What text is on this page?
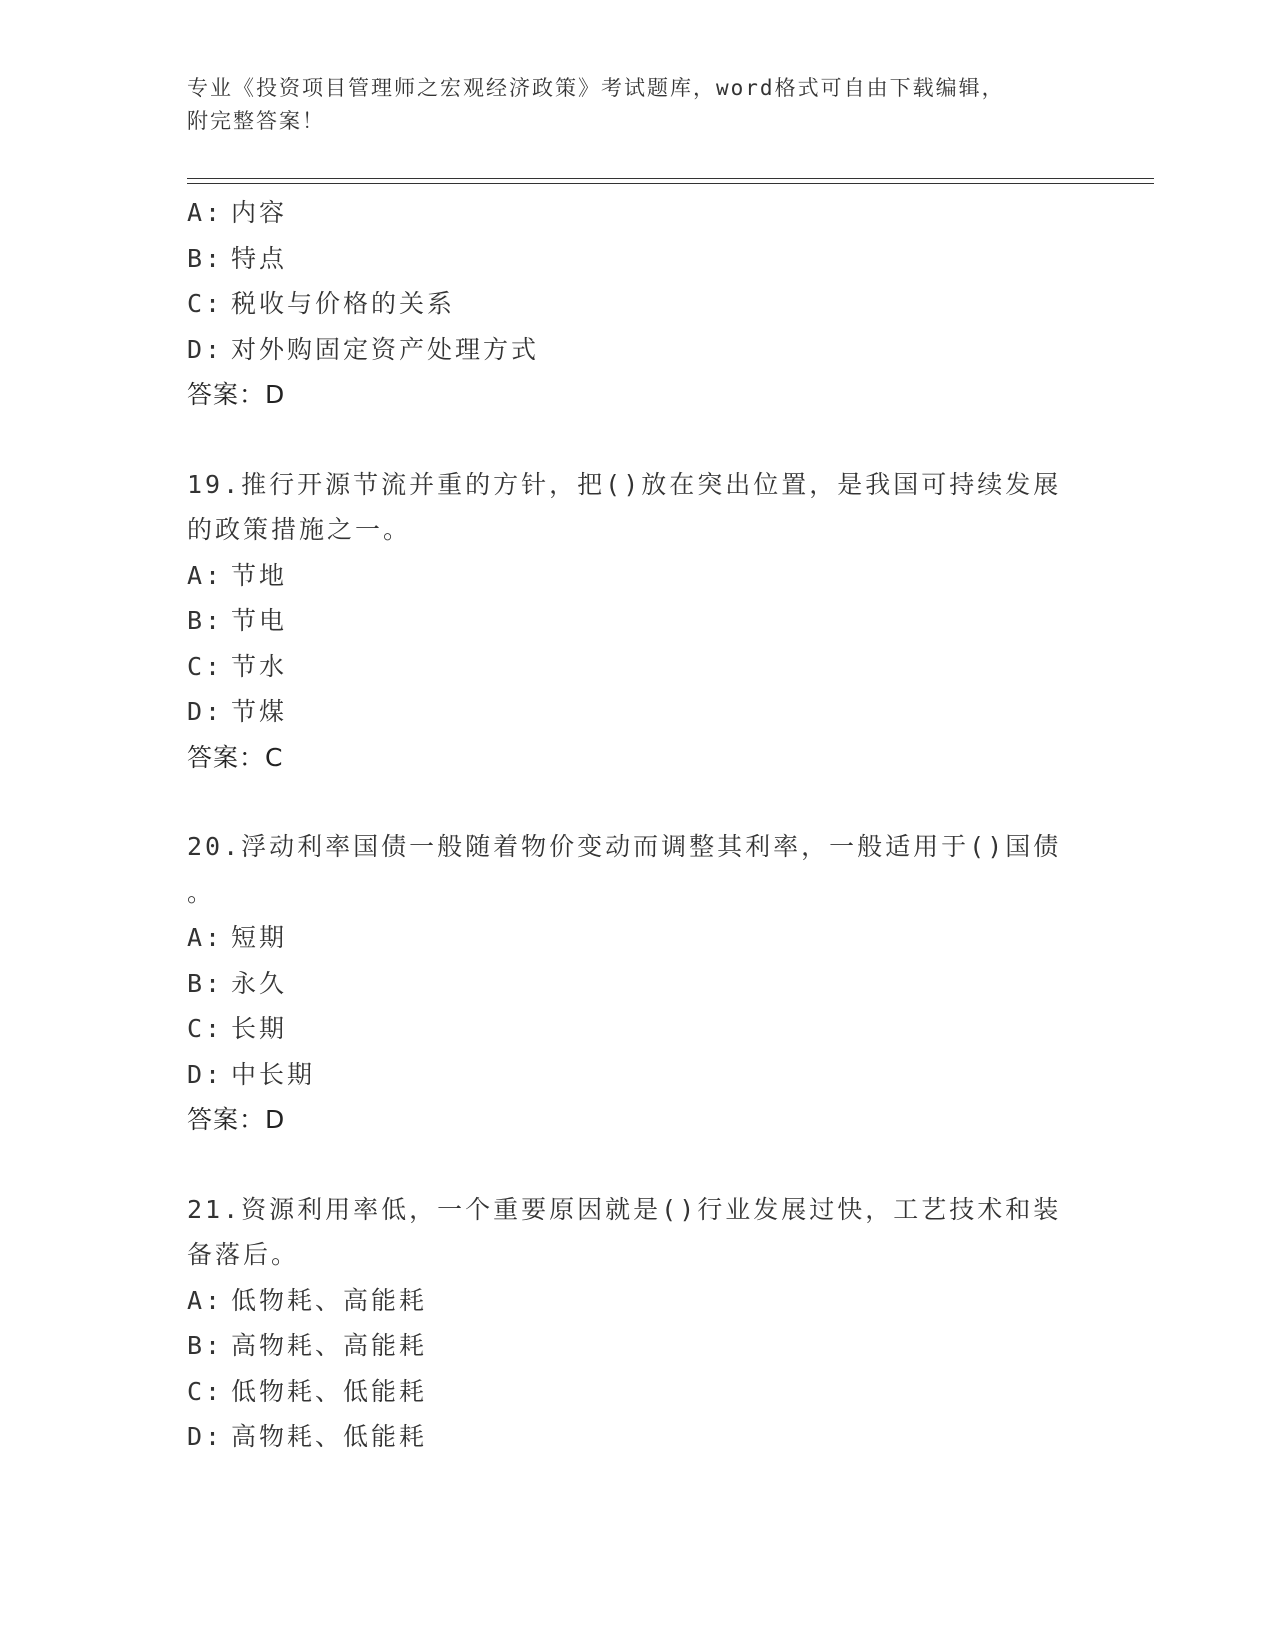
专业《投资项目管理师之宏观经济政策》考试题库，word格式可自由下载编辑，
附完整答案！
A: 内容
B: 特点
C: 税收与价格的关系
D: 对外购固定资产处理方式
答案：D
19.推行开源节流并重的方针，把()放在突出位置，是我国可持续发展
的政策措施之一。
A: 节地
B: 节电
C: 节水
D: 节煤
答案：C
20.浮动利率国债一般随着物价变动而调整其利率，一般适用于()国债
。
A: 短期
B: 永久
C: 长期
D: 中长期
答案：D
21.资源利用率低，一个重要原因就是()行业发展过快，工艺技术和装
备落后。
A: 低物耗、高能耗
B: 高物耗、高能耗
C: 低物耗、低能耗
D: 高物耗、低能耗
